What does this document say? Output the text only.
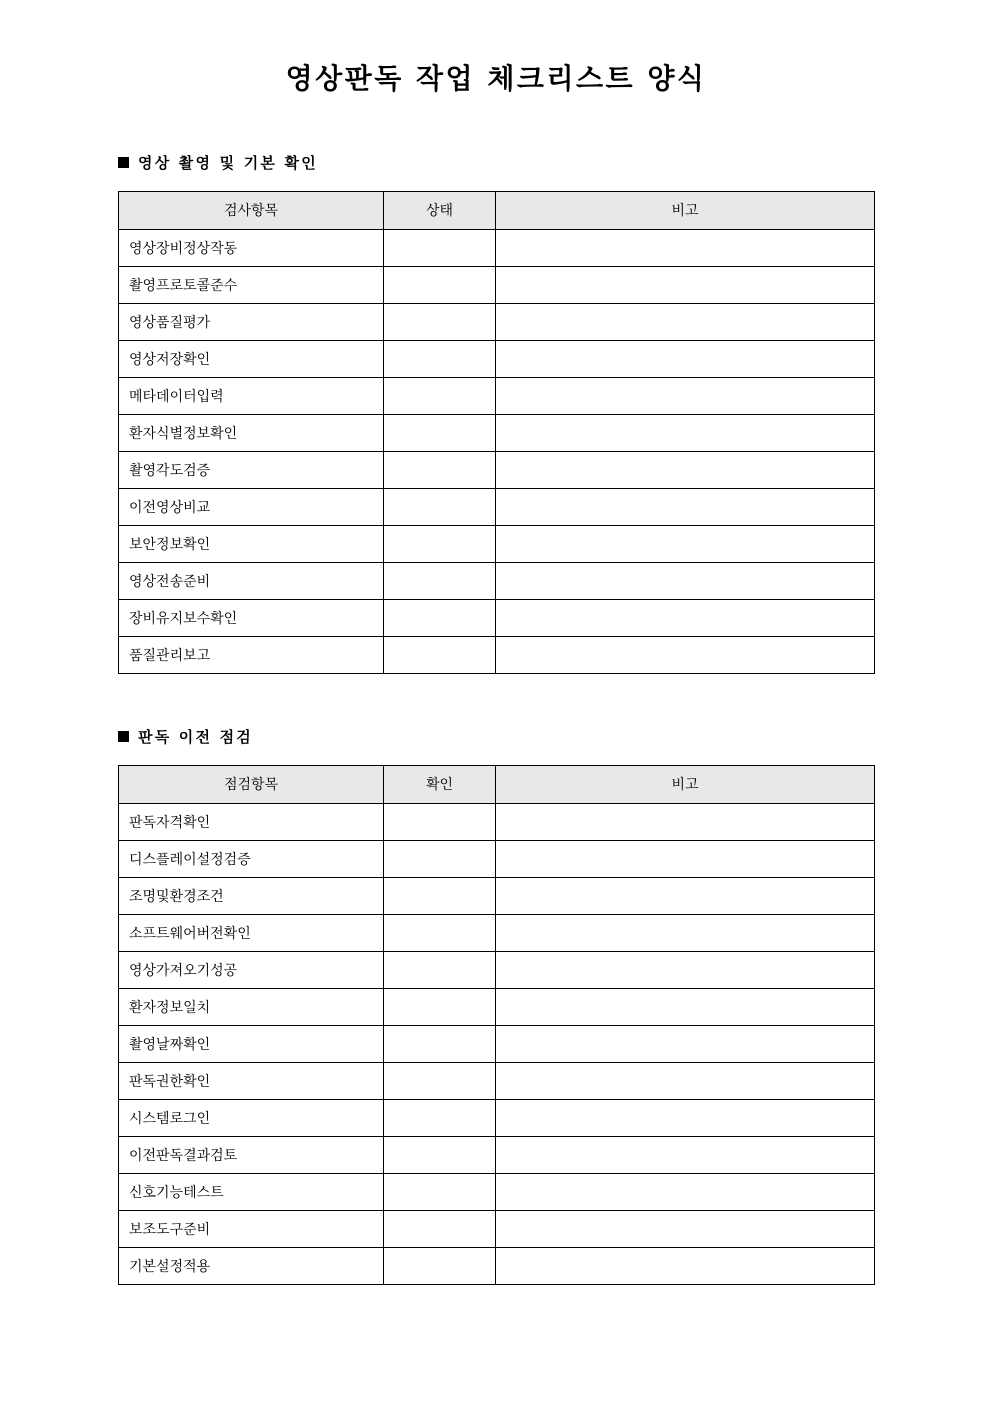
영상판독 작업 체크리스트 양식
영상 촬영 및 기본 확인
검사항목	상태	비고
영상장비정상작동		
촬영프로토콜준수		
영상품질평가		
영상저장확인		
메타데이터입력		
환자식별정보확인		
촬영각도검증		
이전영상비교		
보안정보확인		
영상전송준비		
장비유지보수확인		
품질관리보고		
판독 이전 점검
점검항목	확인	비고
판독자격확인		
디스플레이설정검증		
조명및환경조건		
소프트웨어버전확인		
영상가져오기성공		
환자정보일치		
촬영날짜확인		
판독권한확인		
시스템로그인		
이전판독결과검토		
신호기능테스트		
보조도구준비		
기본설정적용		
